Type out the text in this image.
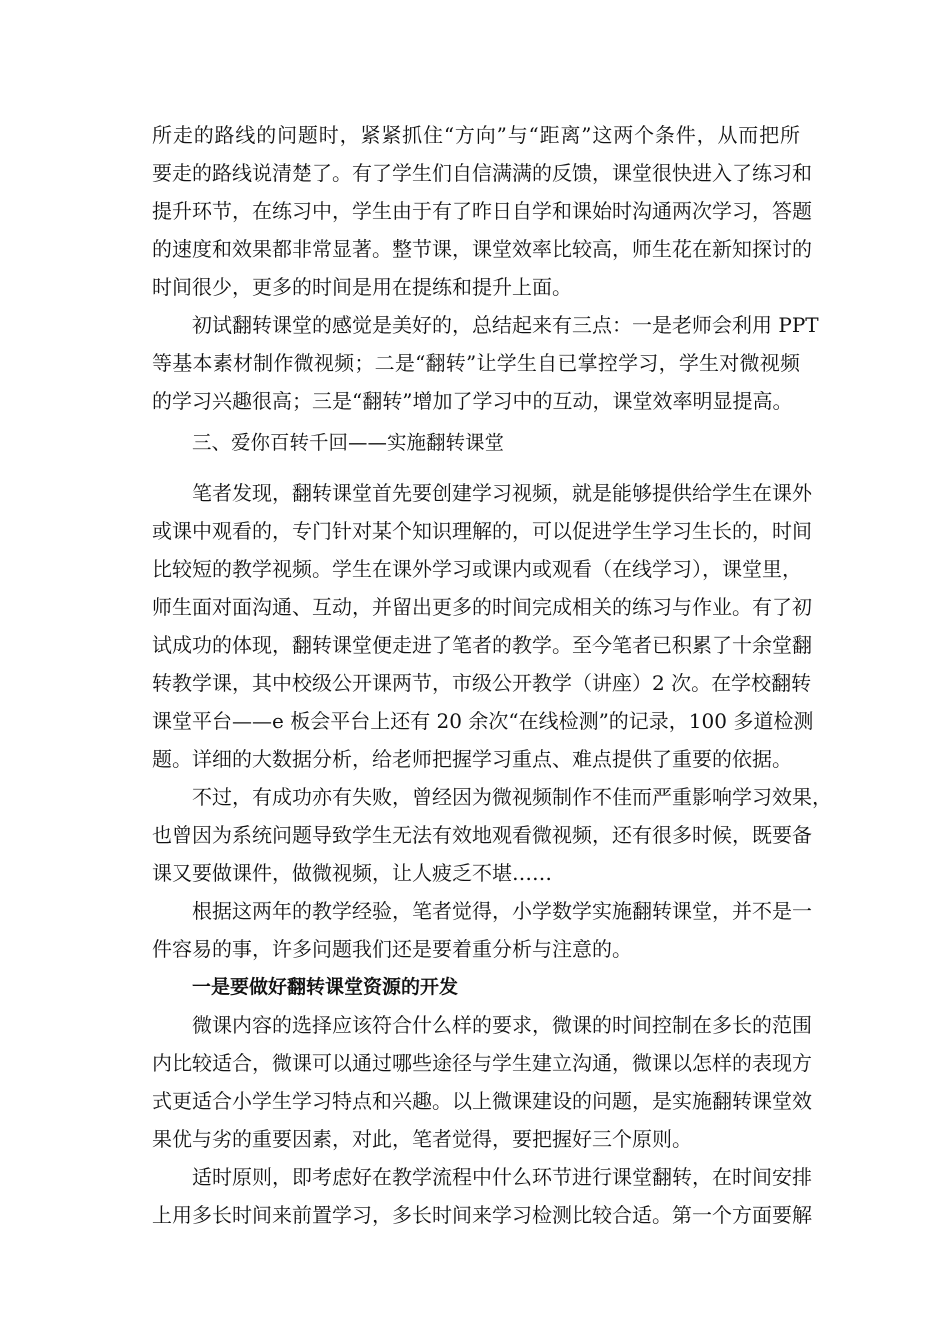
所走的路线的问题时，紧紧抓住“方向”与“距离”这两个条件，从而把所
要走的路线说清楚了。有了学生们自信满满的反馈，课堂很快进入了练习和
提升环节，在练习中，学生由于有了昨日自学和课始时沟通两次学习，答题
的速度和效果都非常显著。整节课，课堂效率比较高，师生花在新知探讨的
时间很少，更多的时间是用在提练和提升上面。
初试翻转课堂的感觉是美好的，总结起来有三点：一是老师会利用 PPT
等基本素材制作微视频；二是“翻转”让学生自已掌控学习，学生对微视频
的学习兴趣很高；三是“翻转”增加了学习中的互动，课堂效率明显提高。
三、爱你百转千回——实施翻转课堂
笔者发现，翻转课堂首先要创建学习视频，就是能够提供给学生在课外
或课中观看的，专门针对某个知识理解的，可以促进学生学习生长的，时间
比较短的教学视频。学生在课外学习或课内或观看（在线学习），课堂里，
师生面对面沟通、互动，并留出更多的时间完成相关的练习与作业。有了初
试成功的体现，翻转课堂便走进了笔者的教学。至今笔者已积累了十余堂翻
转教学课，其中校级公开课两节，市级公开教学（讲座）2 次。在学校翻转
课堂平台——e 板会平台上还有 20 余次“在线检测”的记录，100 多道检测
题。详细的大数据分析，给老师把握学习重点、难点提供了重要的依据。
不过，有成功亦有失败，曾经因为微视频制作不佳而严重影响学习效果，
也曾因为系统问题导致学生无法有效地观看微视频，还有很多时候，既要备
课又要做课件，做微视频，让人疲乏不堪……
根据这两年的教学经验，笔者觉得，小学数学实施翻转课堂，并不是一
件容易的事，许多问题我们还是要着重分析与注意的。
一是要做好翻转课堂资源的开发
微课内容的选择应该符合什么样的要求，微课的时间控制在多长的范围
内比较适合，微课可以通过哪些途径与学生建立沟通，微课以怎样的表现方
式更适合小学生学习特点和兴趣。以上微课建设的问题，是实施翻转课堂效
果优与劣的重要因素，对此，笔者觉得，要把握好三个原则。
适时原则，即考虑好在教学流程中什么环节进行课堂翻转，在时间安排
上用多长时间来前置学习，多长时间来学习检测比较合适。第一个方面要解
